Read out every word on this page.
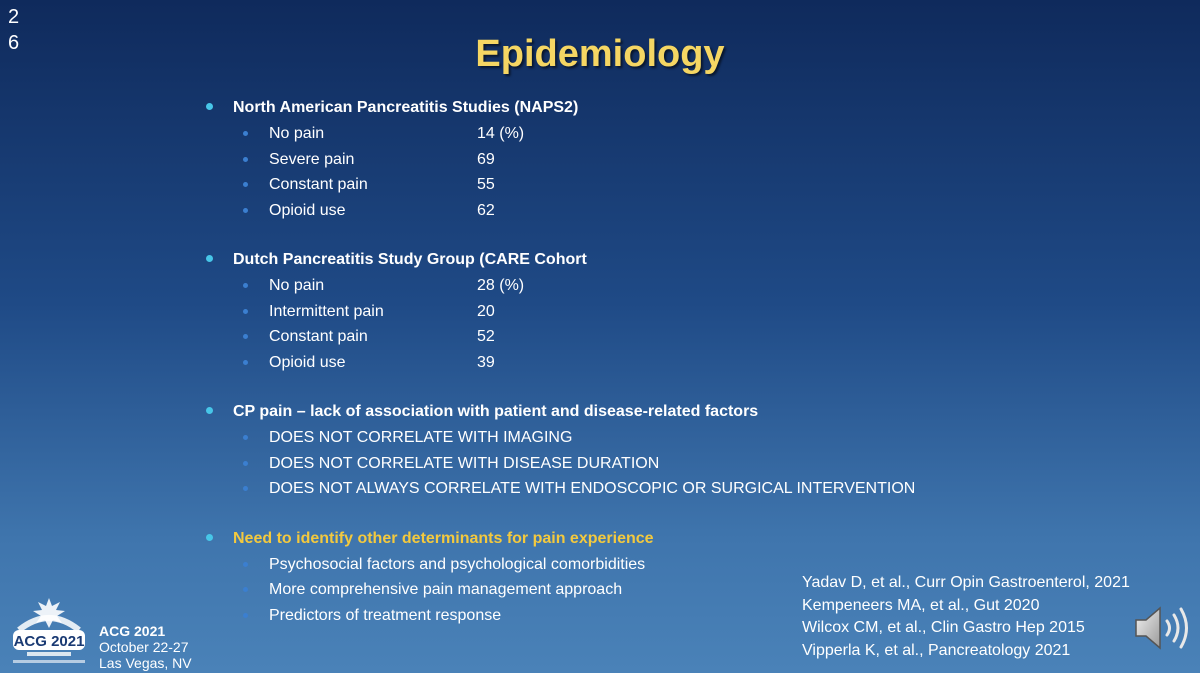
2
6	Epidemiology
North American Pancreatitis Studies (NAPS2)
No pain	14 (%)
Severe pain	69
Constant pain	55
Opioid use	62
Dutch Pancreatitis Study Group (CARE Cohort
No pain	28 (%)
Intermittent pain	20
Constant pain	52
Opioid use	39
CP pain – lack of association with patient and disease-related factors
DOES NOT CORRELATE WITH IMAGING
DOES NOT CORRELATE WITH DISEASE DURATION
DOES NOT ALWAYS CORRELATE WITH ENDOSCOPIC OR SURGICAL INTERVENTION
Need to identify other determinants for pain experience
Psychosocial factors and psychological comorbidities
More comprehensive pain management approach
Predictors of treatment response
Yadav D, et al., Curr Opin Gastroenterol, 2021
Kempeneers MA, et al., Gut 2020
Wilcox CM, et al., Clin Gastro Hep 2015
Vipperla K, et al., Pancreatology 2021
ACG 2021
ACG 2021
October 22-27
Las Vegas, NV
